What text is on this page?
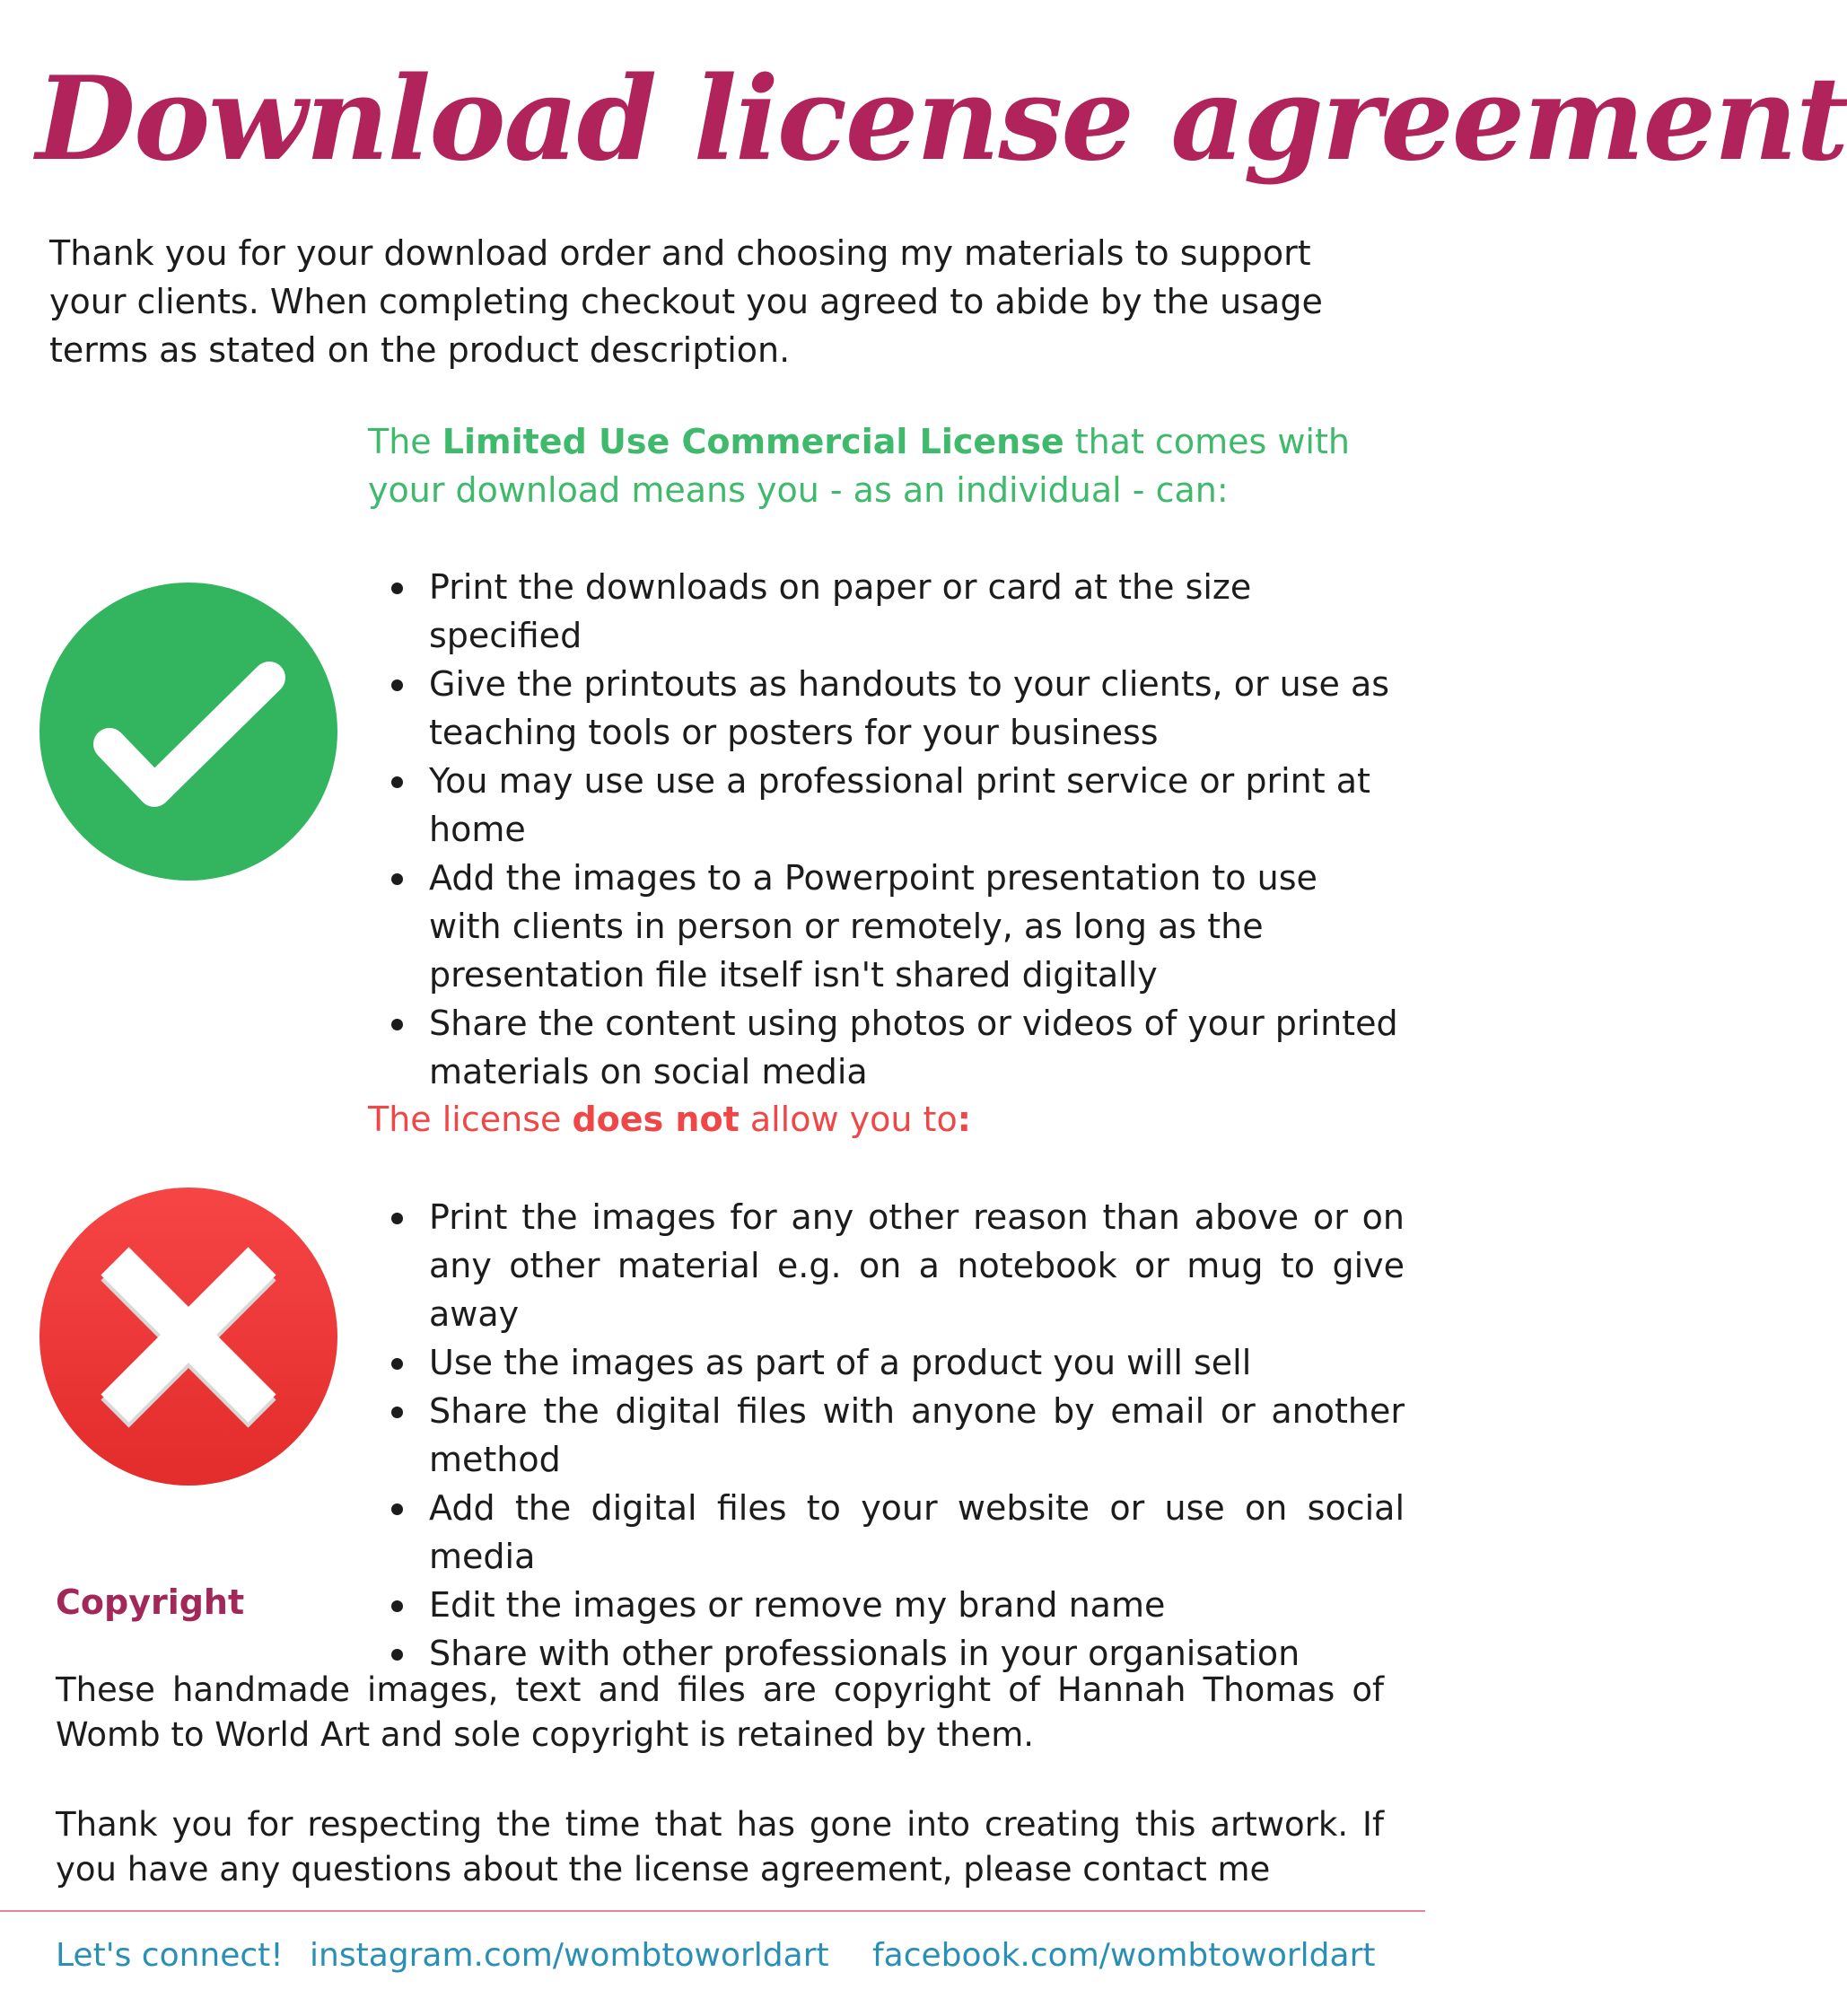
Download license agreement
Thank you for your download order and choosing my materials to support your clients. When completing checkout you agreed to abide by the usage terms as stated on the product description.
The Limited Use Commercial License that comes with your download means you - as an individual - can:
Print the downloads on paper or card at the size specified
Give the printouts as handouts to your clients, or use as teaching tools or posters for your business
You may use use a professional print service or print at home
Add the images to a Powerpoint presentation to use with clients in person or remotely, as long as the presentation file itself isn't shared digitally
Share the content using photos or videos of your printed materials on social media
The license does not allow you to:
Print the images for any other reason than above or on any other material e.g. on a notebook or mug to give away
Use the images as part of a product you will sell
Share the digital files with anyone by email or another method
Add the digital files to your website or use on social media
Edit the images or remove my brand name
Share with other professionals in your organisation
Copyright
These handmade images, text and files are copyright of Hannah Thomas of Womb to World Art and sole copyright is retained by them.
Thank you for respecting the time that has gone into creating this artwork. If you have any questions about the license agreement, please contact me
Let's connect! instagram.com/wombtoworldart facebook.com/wombtoworldart
